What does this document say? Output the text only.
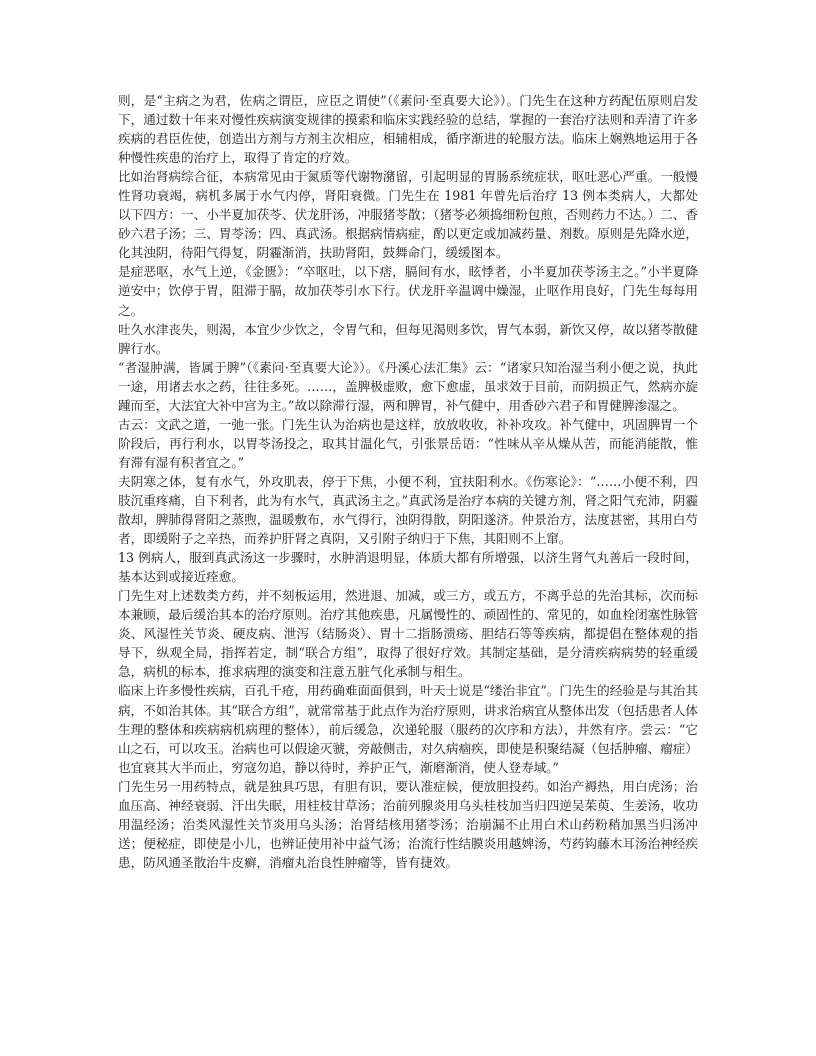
则，是“主病之为君，佐病之谓臣，应臣之谓使”（《素问·至真要大论》）。门先生在这种方药配伍原则启发下，通过数十年来对慢性疾病演变规律的摸索和临床实践经验的总结，掌握的一套治疗法则和弄清了许多疾病的君臣佐使，创造出方剂与方剂主次相应，相辅相成，循序渐进的轮服方法。临床上娴熟地运用于各种慢性疾患的治疗上，取得了肯定的疗效。

比如治肾病综合征，本病常见由于氮质等代谢物潴留，引起明显的胃肠系统症状，呕吐恶心严重。一般慢性肾功衰竭，病机多属于水气内停，肾阳衰微。门先生在 1981 年曾先后治疗 13 例本类病人，大都处以下四方：一、小半夏加茯苓、伏龙肝汤，冲服猪苓散；（猪苓必须捣细粉包煎，否则药力不达。）二、香砂六君子汤；三、胃苓汤；四、真武汤。根据病情病症，酌以更定或加减药量、剂数。原则是先降水逆，化其浊阴，待阳气得复，阴霾渐消，扶助肾阳，鼓舞命门，缓缓图本。

是症恶呕，水气上逆，《金匮》：“卒呕吐，以下痞，膈间有水，眩悸者，小半夏加茯苓汤主之。”小半夏降逆安中；饮停于胃，阻滞于膈，故加茯苓引水下行。伏龙肝辛温调中燥湿，止呕作用良好，门先生每每用之。

吐久水津丧失，则渴，本宜少少饮之，令胃气和，但每见渴则多饮，胃气本弱，新饮又停，故以猪苓散健脾行水。

“者湿肿满，皆属于脾”（《素问·至真要大论》）。《丹溪心法汇集》云：“诸家只知治湿当利小便之说，执此一途，用诸去水之药，往往多死。……，盖脾极虚败，愈下愈虚，虽求效于目前，而阴损正气，然病亦旋踵而至，大法宜大补中宫为主。”故以除滞行湿，两和脾胃，补气健中，用香砂六君子和胃健脾渗湿之。

古云：文武之道，一弛一张。门先生认为治病也是这样，放放收收，补补攻攻。补气健中，巩固脾胃一个阶段后，再行利水，以胃苓汤投之，取其甘温化气，引张景岳语：“性味从辛从燥从苦，而能消能散，惟有滞有湿有积者宜之。”

夫阴寒之体，复有水气，外攻肌表，停于下焦，小便不利，宜扶阳利水。《伤寒论》：“……小便不利，四肢沉重疼痛，自下利者，此为有水气，真武汤主之。”真武汤是治疗本病的关键方剂，肾之阳气充沛，阴霾散却，脾肺得肾阳之蒸煦，温暖敷布，水气得行，浊阴得散，阴阳遂济。仲景治方，法度甚密，其用白芍者，即缓附子之辛热，而养护肝肾之真阴，又引附子纳归于下焦，其阳则不上窜。

13 例病人，服到真武汤这一步骤时，水肿消退明显，体质大都有所增强，以济生肾气丸善后一段时间，基本达到或接近痊愈。

门先生对上述数类方药，并不刻板运用，然进退、加减，或三方，或五方，不离乎总的先治其标，次而标本兼顾，最后缓治其本的治疗原则。治疗其他疾患，凡属慢性的、顽固性的、常见的，如血栓闭塞性脉管炎、风湿性关节炎、硬皮病、泄泻（结肠炎）、胃十二指肠溃疡、胆结石等等疾病，都提倡在整体观的指导下，纵观全局，指挥若定，制“联合方组”，取得了很好疗效。其制定基础，是分清疾病病势的轻重缓急，病机的标本，推求病理的演变和注意五脏气化承制与相生。

临床上许多慢性疾病，百孔千疮，用药确难面面俱到，叶天士说是“缕治非宜”。门先生的经验是与其治其病，不如治其体。其“联合方组”，就常常基于此点作为治疗原则，讲求治病宜从整体出发（包括患者人体生理的整体和疾病病机病理的整体），前后缓急，次递轮服（服药的次序和方法），井然有序。尝云：“它山之石，可以攻玉。治病也可以假途灭虢，旁敲侧击，对久病痼疾，即使是积聚结凝（包括肿瘤、瘤症）也宜衰其大半而止，穷寇勿追，静以待时，养护正气，渐磨渐消，使人登寿域。”

门先生另一用药特点，就是独具巧思，有胆有识，要认准症候，便放胆投药。如治产褥热，用白虎汤；治血压高、神经衰弱、汗出失眠，用桂枝甘草汤；治前列腺炎用乌头桂枝加当归四逆吴茱萸、生姜汤，收功用温经汤；治类风湿性关节炎用乌头汤；治肾结核用猪苓汤；治崩漏不止用白术山药粉稍加黑当归汤冲送；便秘症，即使是小儿，也辨证使用补中益气汤；治流行性结膜炎用越婢汤，芍药钩藤木耳汤治神经疾患，防风通圣散治牛皮癣，消瘤丸治良性肿瘤等，皆有捷效。
